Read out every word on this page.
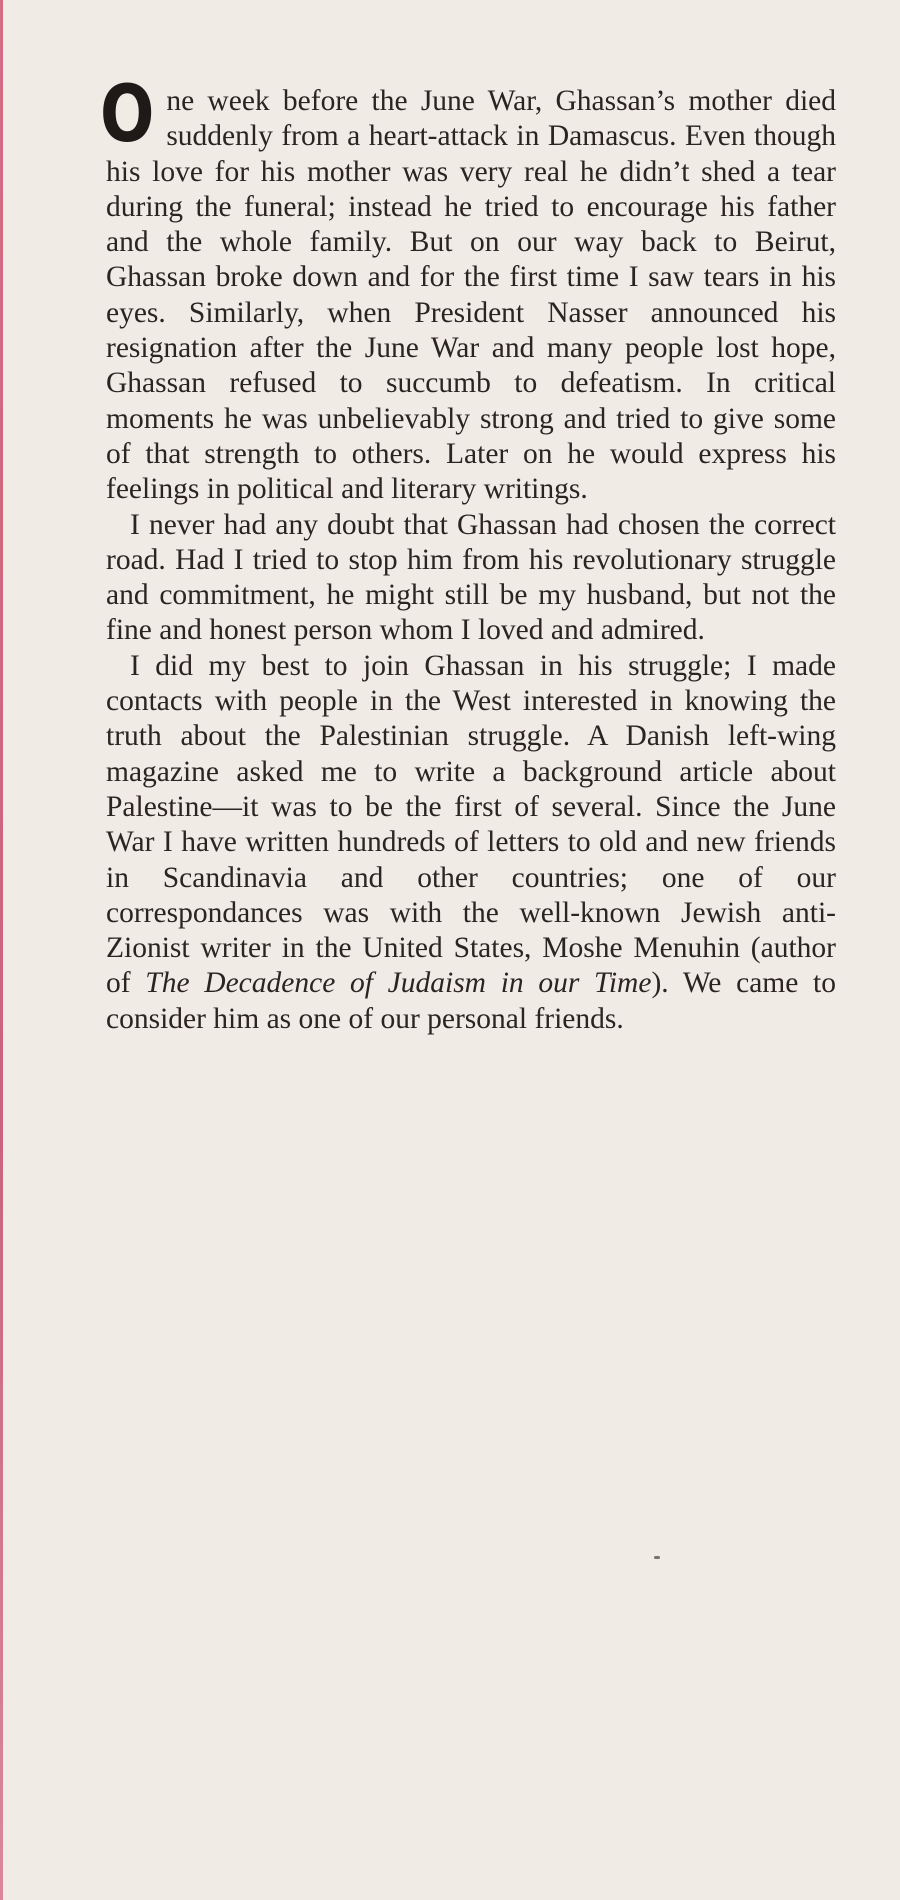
One week before the June War, Ghassan’s mother died suddenly from a heart-attack in Damascus. Even though his love for his mother was very real he didn’t shed a tear during the funeral; instead he tried to encourage his father and the whole family. But on our way back to Beirut, Ghassan broke down and for the first time I saw tears in his eyes. Similarly, when President Nasser announced his resignation after the June War and many people lost hope, Ghassan refused to succumb to defeatism. In critical moments he was unbelievably strong and tried to give some of that strength to others. Later on he would express his feelings in political and literary writings.

I never had any doubt that Ghassan had chosen the correct road. Had I tried to stop him from his revolutionary struggle and commitment, he might still be my husband, but not the fine and honest person whom I loved and admired.

I did my best to join Ghassan in his struggle; I made contacts with people in the West interested in knowing the truth about the Palestinian struggle. A Danish left-wing magazine asked me to write a background article about Palestine—it was to be the first of several. Since the June War I have written hundreds of letters to old and new friends in Scandinavia and other countries; one of our correspondances was with the well-known Jewish anti-Zionist writer in the United States, Moshe Menuhin (author of The Decadence of Judaism in our Time). We came to consider him as one of our personal friends.
